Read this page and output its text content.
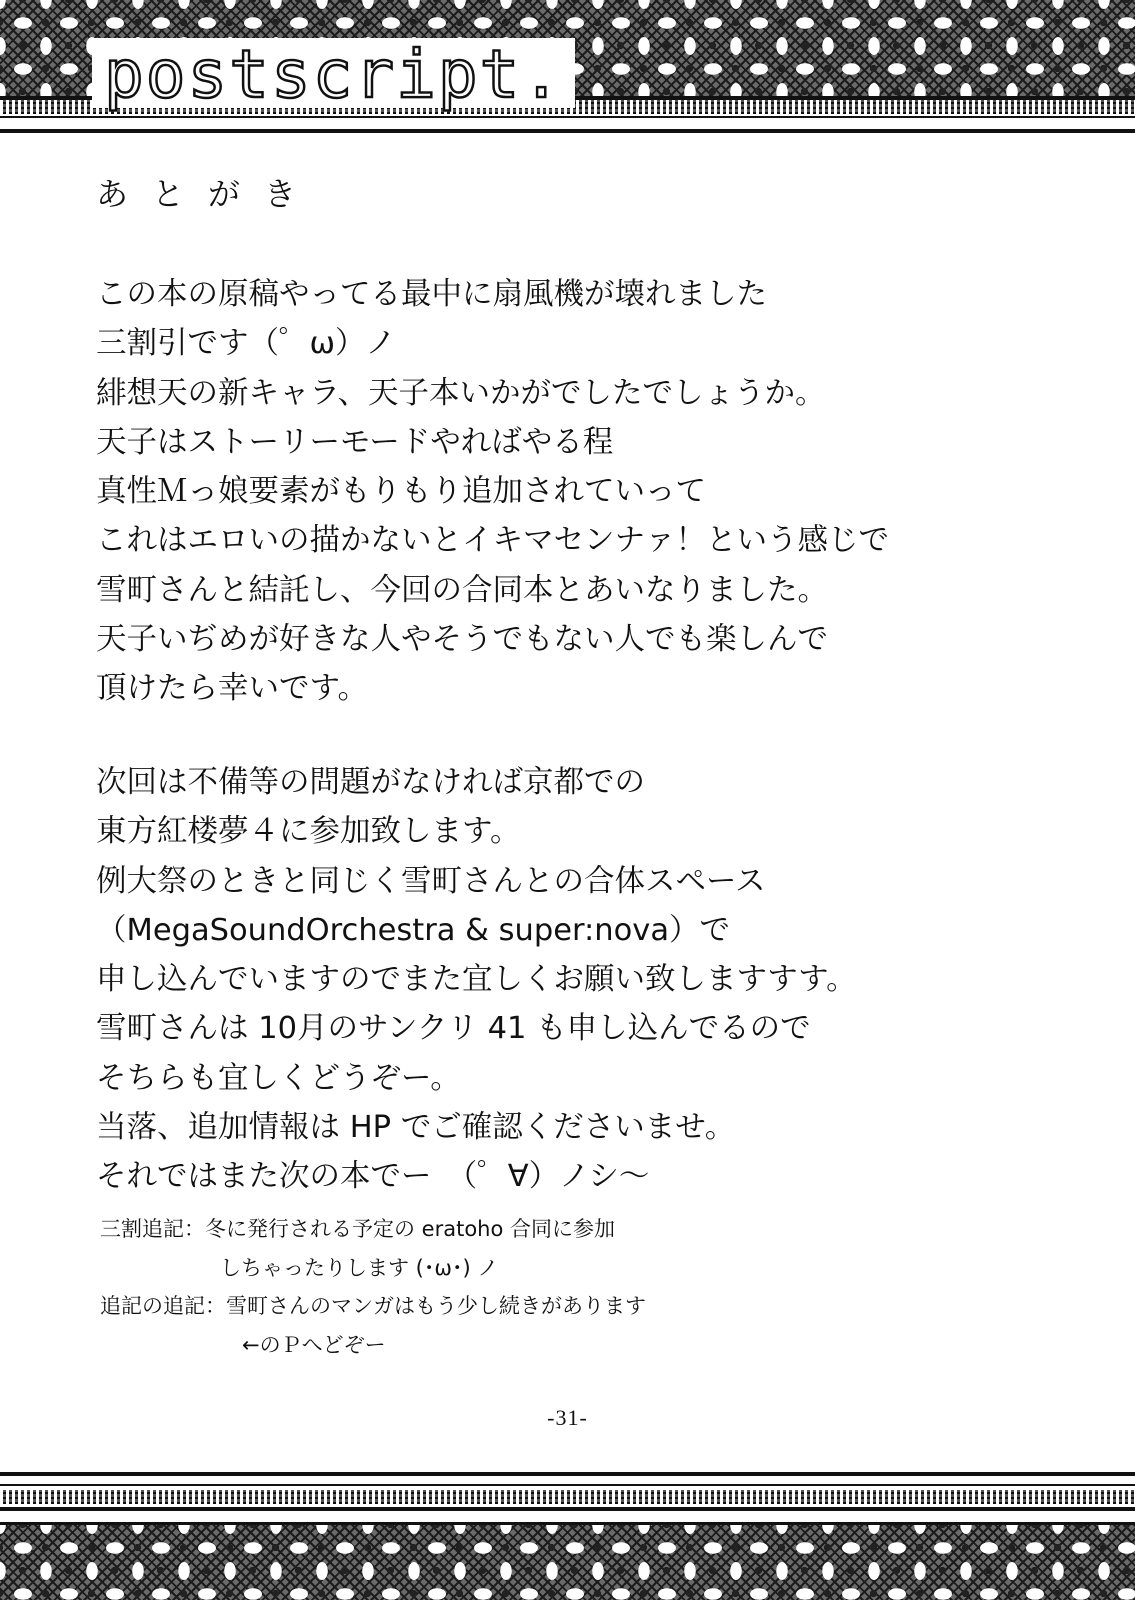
postscript.
あとがき

この本の原稿やってる最中に扇風機が壊れました
三割引です（゜ω）ノ
緋想天の新キャラ、天子本いかがでしたでしょうか。
天子はストーリーモードやればやる程
真性Ｍっ娘要素がもりもり追加されていって
これはエロいの描かないとイキマセンナァ！という感じで
雪町さんと結託し、今回の合同本とあいなりました。
天子いぢめが好きな人やそうでもない人でも楽しんで
頂けたら幸いです。

次回は不備等の問題がなければ京都での
東方紅楼夢４に参加致します。
例大祭のときと同じく雪町さんとの合体スペース
（MegaSoundOrchestra & super:nova）で
申し込んでいますのでまた宜しくお願い致しますすす。
雪町さんは 10月のサンクリ 41 も申し込んでるので
そちらも宜しくどうぞー。
当落、追加情報は HP でご確認くださいませ。
それではまた次の本でー　（゜∀）ノシ～

三割追記： 冬に発行される予定の eratoho 合同に参加
しちゃったりします (･ω･) ノ
追記の追記： 雪町さんのマンガはもう少し続きがあります
←のＰへどぞー
-31-
